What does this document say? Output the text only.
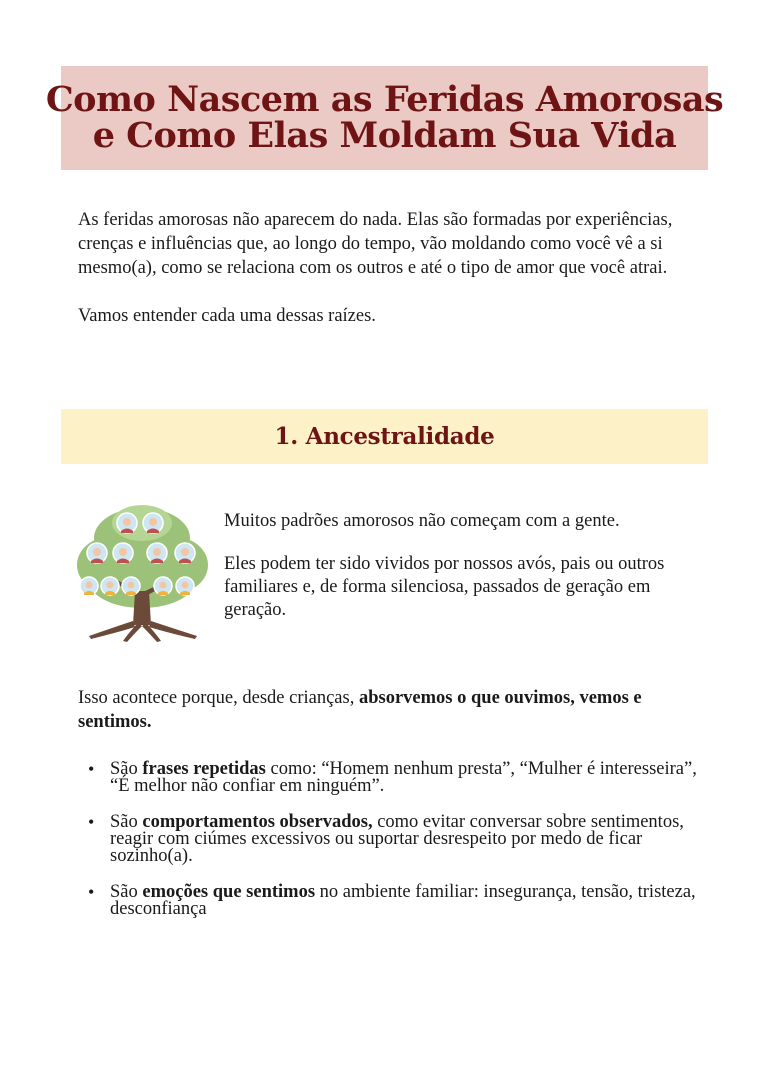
Como Nascem as Feridas Amorosas
e Como Elas Moldam Sua Vida

As feridas amorosas não aparecem do nada. Elas são formadas por experiências, crenças e influências que, ao longo do tempo, vão moldando como você vê a si mesmo(a), como se relaciona com os outros e até o tipo de amor que você atrai.

Vamos entender cada uma dessas raízes.

1. Ancestralidade

Muitos padrões amorosos não começam com a gente.

Eles podem ter sido vividos por nossos avós, pais ou outros familiares e, de forma silenciosa, passados de geração em geração.

Isso acontece porque, desde crianças, absorvemos o que ouvimos, vemos e sentimos.

• São frases repetidas como: “Homem nenhum presta”, “Mulher é interesseira”, “É melhor não confiar em ninguém”.
• São comportamentos observados, como evitar conversar sobre sentimentos, reagir com ciúmes excessivos ou suportar desrespeito por medo de ficar sozinho(a).
• São emoções que sentimos no ambiente familiar: insegurança, tensão, tristeza, desconfiança
